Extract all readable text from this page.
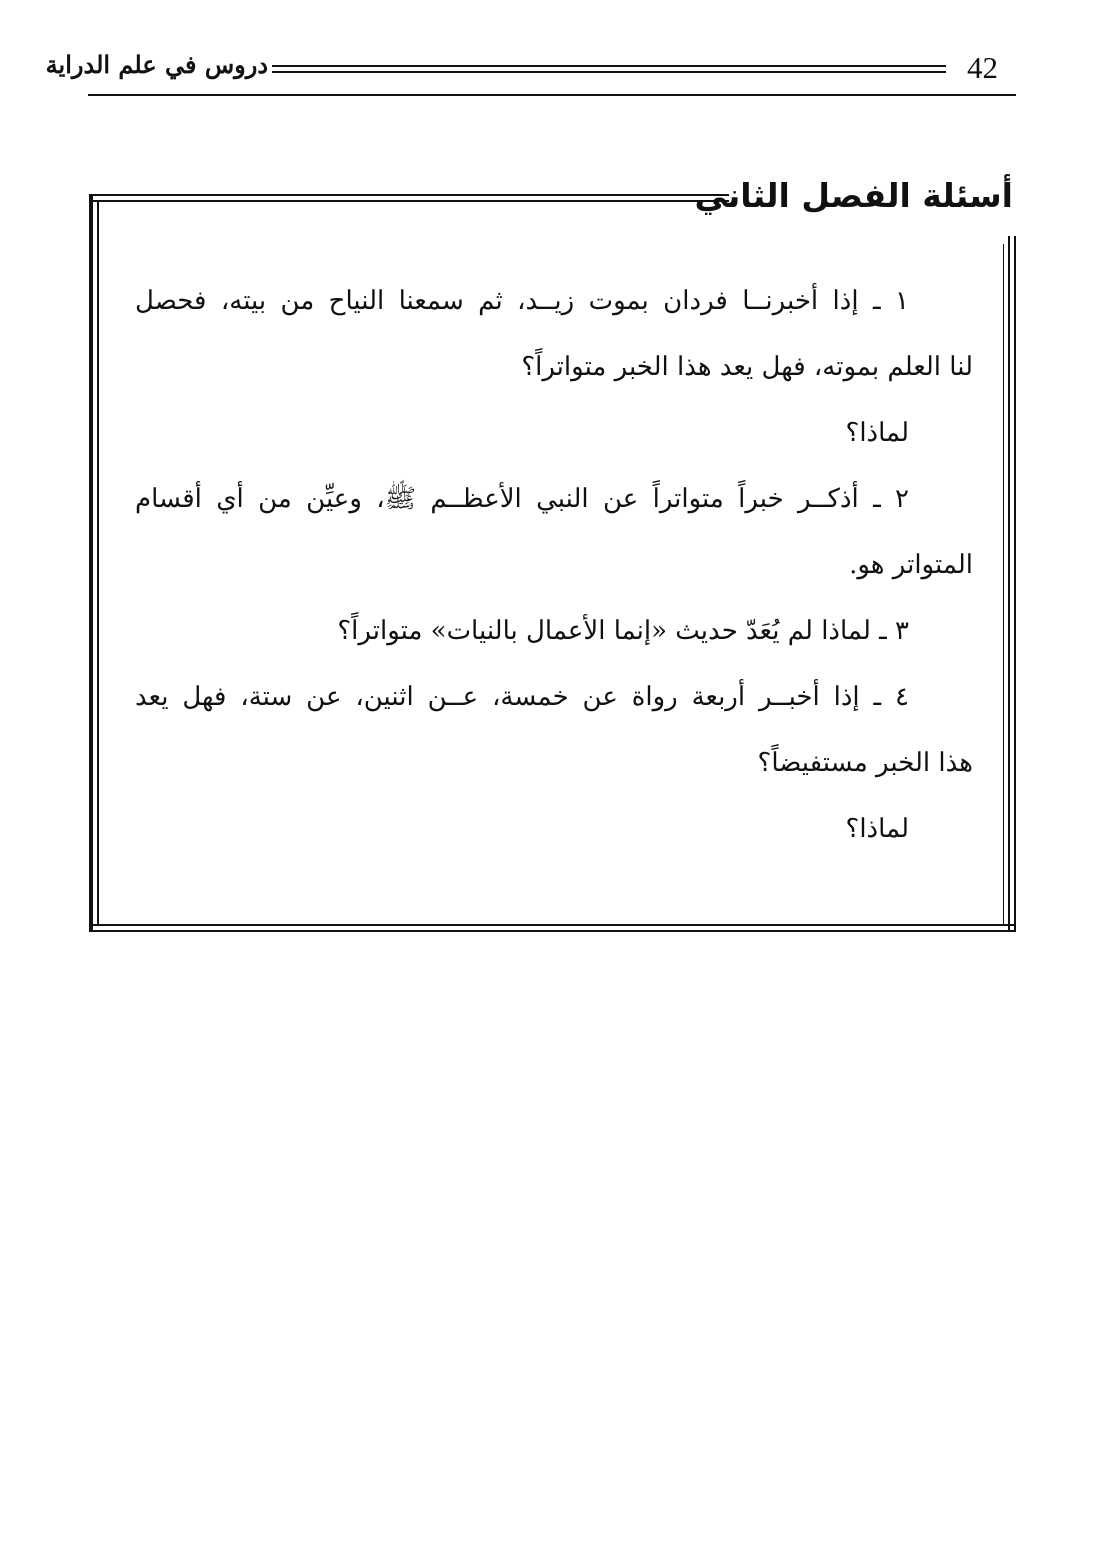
دروس في علم الدراية	42
أسئلة الفصل الثاني
١ ـ إذا أخبرنــا فردان بموت زيــد، ثم سمعنا النياح من بيته، فحصل
لنا العلم بموته، فهل يعد هذا الخبر متواتراً؟
لماذا؟
٢ ـ أذكــر خبراً متواتراً عن النبي الأعظــم ﷺ، وعيِّن من أي أقسام
المتواتر هو.
٣ ـ لماذا لم يُعَدّ حديث «إنما الأعمال بالنيات» متواتراً؟
٤ ـ إذا أخبــر أربعة رواة عن خمسة، عــن اثنين، عن ستة، فهل يعد
هذا الخبر مستفيضاً؟
لماذا؟
